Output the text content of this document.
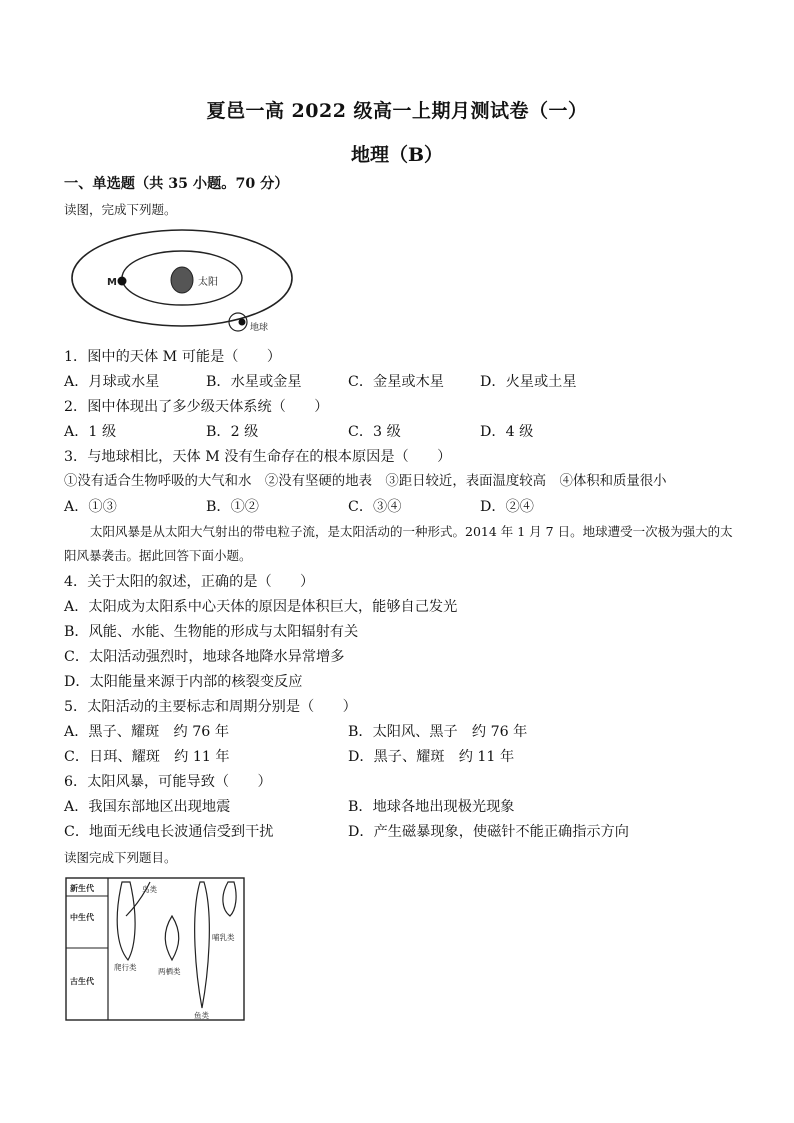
夏邑一高 2022 级高一上期月测试卷（一）
地理（B）
一、单选题（共 35 小题。70 分）
读图，完成下列题。
太阳
M
地球
1．图中的天体 M 可能是（　　）
A．月球或水星	B．水星或金星	C．金星或木星	D．火星或土星
2．图中体现出了多少级天体系统（　　）
A．1 级	B．2 级	C．3 级	D．4 级
3．与地球相比，天体 M 没有生命存在的根本原因是（　　）
①没有适合生物呼吸的大气和水　②没有坚硬的地表　③距日较近，表面温度较高　④体积和质量很小
A．①③	B．①②	C．③④	D．②④
太阳风暴是从太阳大气射出的带电粒子流，是太阳活动的一种形式。2014 年 1 月 7 日。地球遭受一次极为强大的太阳风暴袭击。据此回答下面小题。
4．关于太阳的叙述，正确的是（　　）
A．太阳成为太阳系中心天体的原因是体积巨大，能够自己发光
B．风能、水能、生物能的形成与太阳辐射有关
C．太阳活动强烈时，地球各地降水异常增多
D．太阳能量来源于内部的核裂变反应
5．太阳活动的主要标志和周期分别是（　　）
A．黑子、耀斑　约 76 年	B．太阳风、黑子　约 76 年
C．日珥、耀斑　约 11 年	D．黑子、耀斑　约 11 年
6．太阳风暴，可能导致（　　）
A．我国东部地区出现地震	B．地球各地出现极光现象
C．地面无线电长波通信受到干扰	D．产生磁暴现象，使磁针不能正确指示方向
读图完成下列题目。
新生代
中生代
古生代
鸟类
哺乳类
爬行类	两栖类
鱼类
